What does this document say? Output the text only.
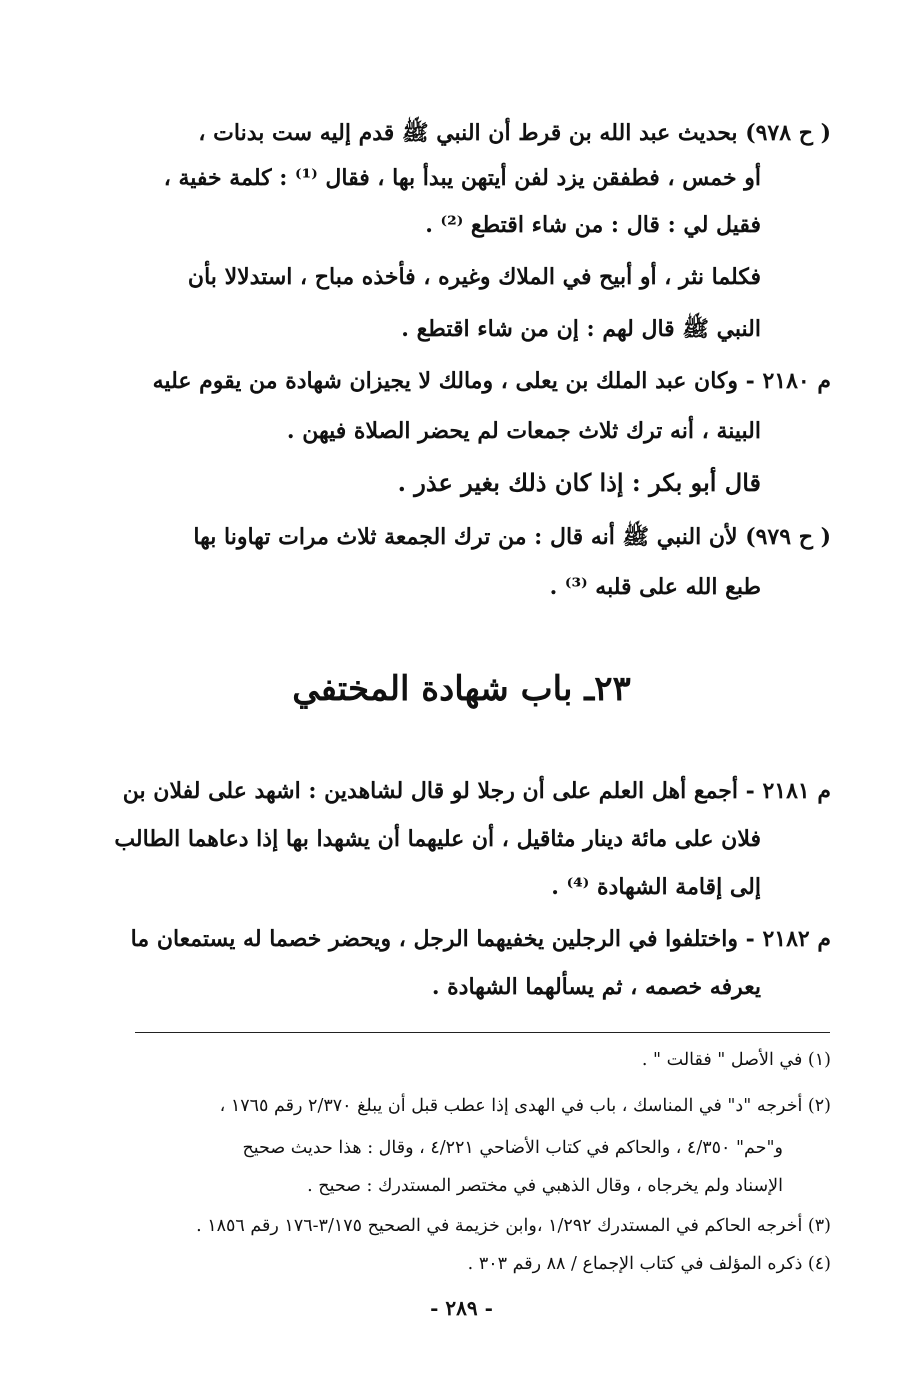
( ح ٩٧٨) بحديث عبد الله بن قرط أن النبي ﷺ قدم إليه ست بدنات ،
أو خمس ، فطفقن يزد لفن أيتهن يبدأ بها ، فقال ⁽¹⁾ : كلمة خفية ،
فقيل لي : قال : من شاء اقتطع ⁽²⁾ .
فكلما نثر ، أو أبيح في الملاك وغيره ، فأخذه مباح ، استدلالا بأن
النبي ﷺ قال لهم : إن من شاء اقتطع .
م ٢١٨٠ - وكان عبد الملك بن يعلى ، ومالك لا يجيزان شهادة من يقوم عليه
البينة ، أنه ترك ثلاث جمعات لم يحضر الصلاة فيهن .
قال أبو بكر : إذا كان ذلك بغير عذر .
( ح ٩٧٩) لأن النبي ﷺ أنه قال : من ترك الجمعة ثلاث مرات تهاونا بها
طبع الله على قلبه ⁽³⁾ .
٢٣ـ باب شهادة المختفي
م ٢١٨١ - أجمع أهل العلم على أن رجلا لو قال لشاهدين : اشهد على لفلان بن
فلان على مائة دينار مثاقيل ، أن عليهما أن يشهدا بها إذا دعاهما الطالب
إلى إقامة الشهادة ⁽⁴⁾ .
م ٢١٨٢ - واختلفوا في الرجلين يخفيهما الرجل ، ويحضر خصما له يستمعان ما
يعرفه خصمه ، ثم يسألهما الشهادة .
(١) في الأصل " فقالت " .
(٢) أخرجه "د" في المناسك ، باب في الهدى إذا عطب قبل أن يبلغ ٢/٣٧٠ رقم ١٧٦٥ ،
و"حم" ٤/٣٥٠ ، والحاكم في كتاب الأضاحي ٤/٢٢١ ، وقال : هذا حديث صحيح
الإسناد ولم يخرجاه ، وقال الذهبي في مختصر المستدرك : صحيح .
(٣) أخرجه الحاكم في المستدرك ١/٢٩٢ ،وابن خزيمة في الصحيح ٣/١٧٥-١٧٦ رقم ١٨٥٦ .
(٤) ذكره المؤلف في كتاب الإجماع / ٨٨ رقم ٣٠٣ .
- ٢٨٩ -
